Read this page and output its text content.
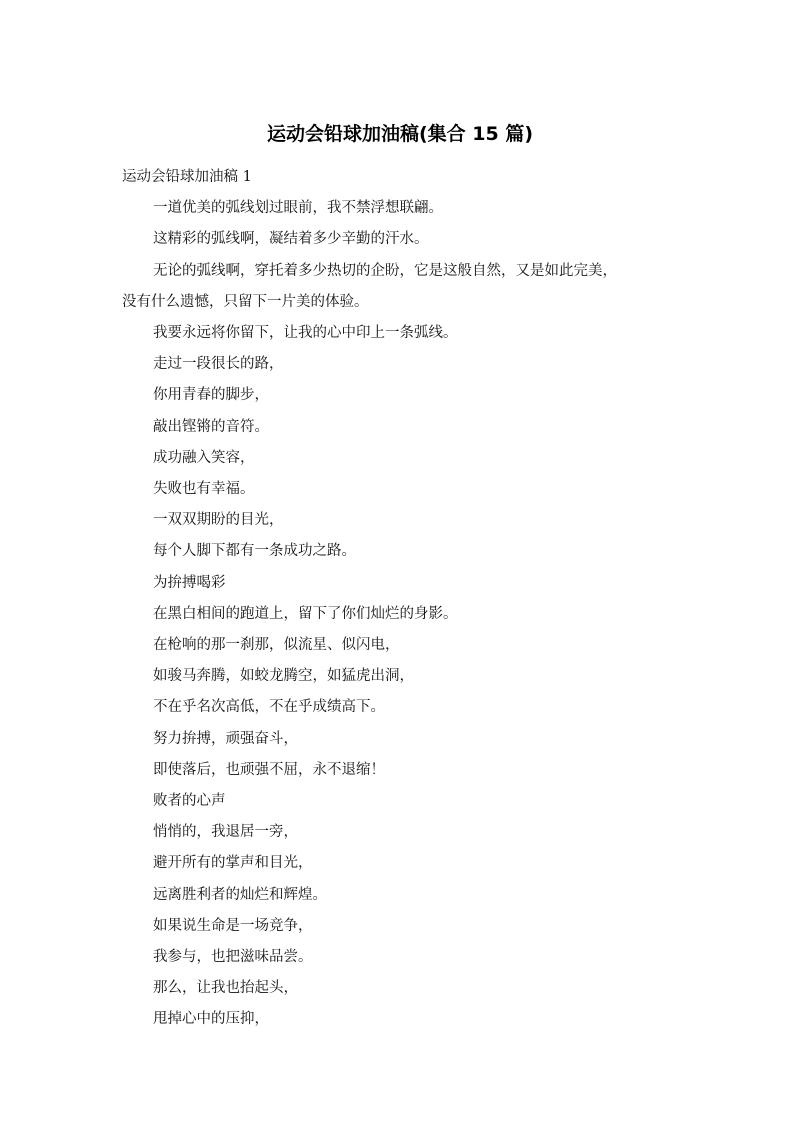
运动会铅球加油稿(集合 15 篇)

运动会铅球加油稿 1

一道优美的弧线划过眼前，我不禁浮想联翩。

这精彩的弧线啊，凝结着多少辛勤的汗水。

无论的弧线啊，穿托着多少热切的企盼，它是这般自然，又是如此完美，

没有什么遗憾，只留下一片美的体验。

我要永远将你留下，让我的心中印上一条弧线。

走过一段很长的路，

你用青春的脚步，

敲出铿锵的音符。

成功融入笑容，

失败也有幸福。

一双双期盼的目光，

每个人脚下都有一条成功之路。

为拚搏喝彩

在黑白相间的跑道上，留下了你们灿烂的身影。

在枪响的那一刹那，似流星、似闪电，

如骏马奔腾，如蛟龙腾空，如猛虎出洞，

不在乎名次高低，不在乎成绩高下。

努力拚搏，顽强奋斗，

即使落后，也顽强不屈，永不退缩！

败者的心声

悄悄的，我退居一旁，

避开所有的掌声和目光，

远离胜利者的灿烂和辉煌。

如果说生命是一场竞争，

我参与，也把滋味品尝。

那么，让我也抬起头，

甩掉心中的压抑，
